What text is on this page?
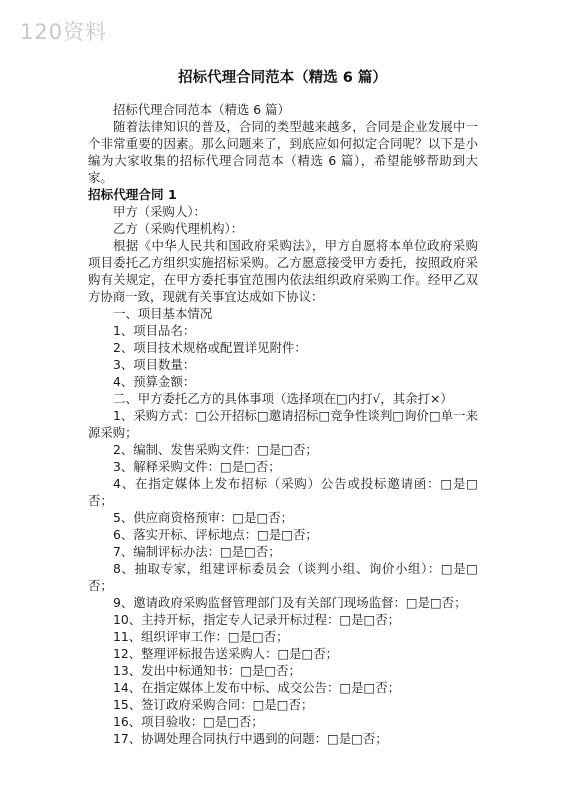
120资料
招标代理合同范本（精选 6 篇）

招标代理合同范本（精选 6 篇）

随着法律知识的普及，合同的类型越来越多，合同是企业发展中一个非常重要的因素。那么问题来了，到底应如何拟定合同呢？以下是小编为大家收集的招标代理合同范本（精选 6 篇），希望能够帮助到大家。

招标代理合同 1

甲方（采购人）：

乙方（采购代理机构）：

根据《中华人民共和国政府采购法》，甲方自愿将本单位政府采购项目委托乙方组织实施招标采购。乙方愿意接受甲方委托，按照政府采购有关规定，在甲方委托事宜范围内依法组织政府采购工作。经甲乙双方协商一致，现就有关事宜达成如下协议：

一、项目基本情况

1、项目品名：

2、项目技术规格或配置详见附件：

3、项目数量：

4、预算金额：

二、甲方委托乙方的具体事项（选择项在□内打√，其余打×）

1、采购方式：□公开招标□邀请招标□竞争性谈判□询价□单一来源采购；

2、编制、发售采购文件：□是□否；

3、解释采购文件：□是□否；

4、在指定媒体上发布招标（采购）公告或投标邀请函：□是□否；

5、供应商资格预审：□是□否；

6、落实开标、评标地点：□是□否；

7、编制评标办法：□是□否；

8、抽取专家，组建评标委员会（谈判小组、询价小组）：□是□否；

9、邀请政府采购监督管理部门及有关部门现场监督：□是□否；

10、主持开标，指定专人记录开标过程：□是□否；

11、组织评审工作：□是□否；

12、整理评标报告送采购人：□是□否；

13、发出中标通知书：□是□否；

14、在指定媒体上发布中标、成交公告：□是□否；

15、签订政府采购合同：□是□否；

16、项目验收：□是□否；

17、协调处理合同执行中遇到的问题：□是□否；
